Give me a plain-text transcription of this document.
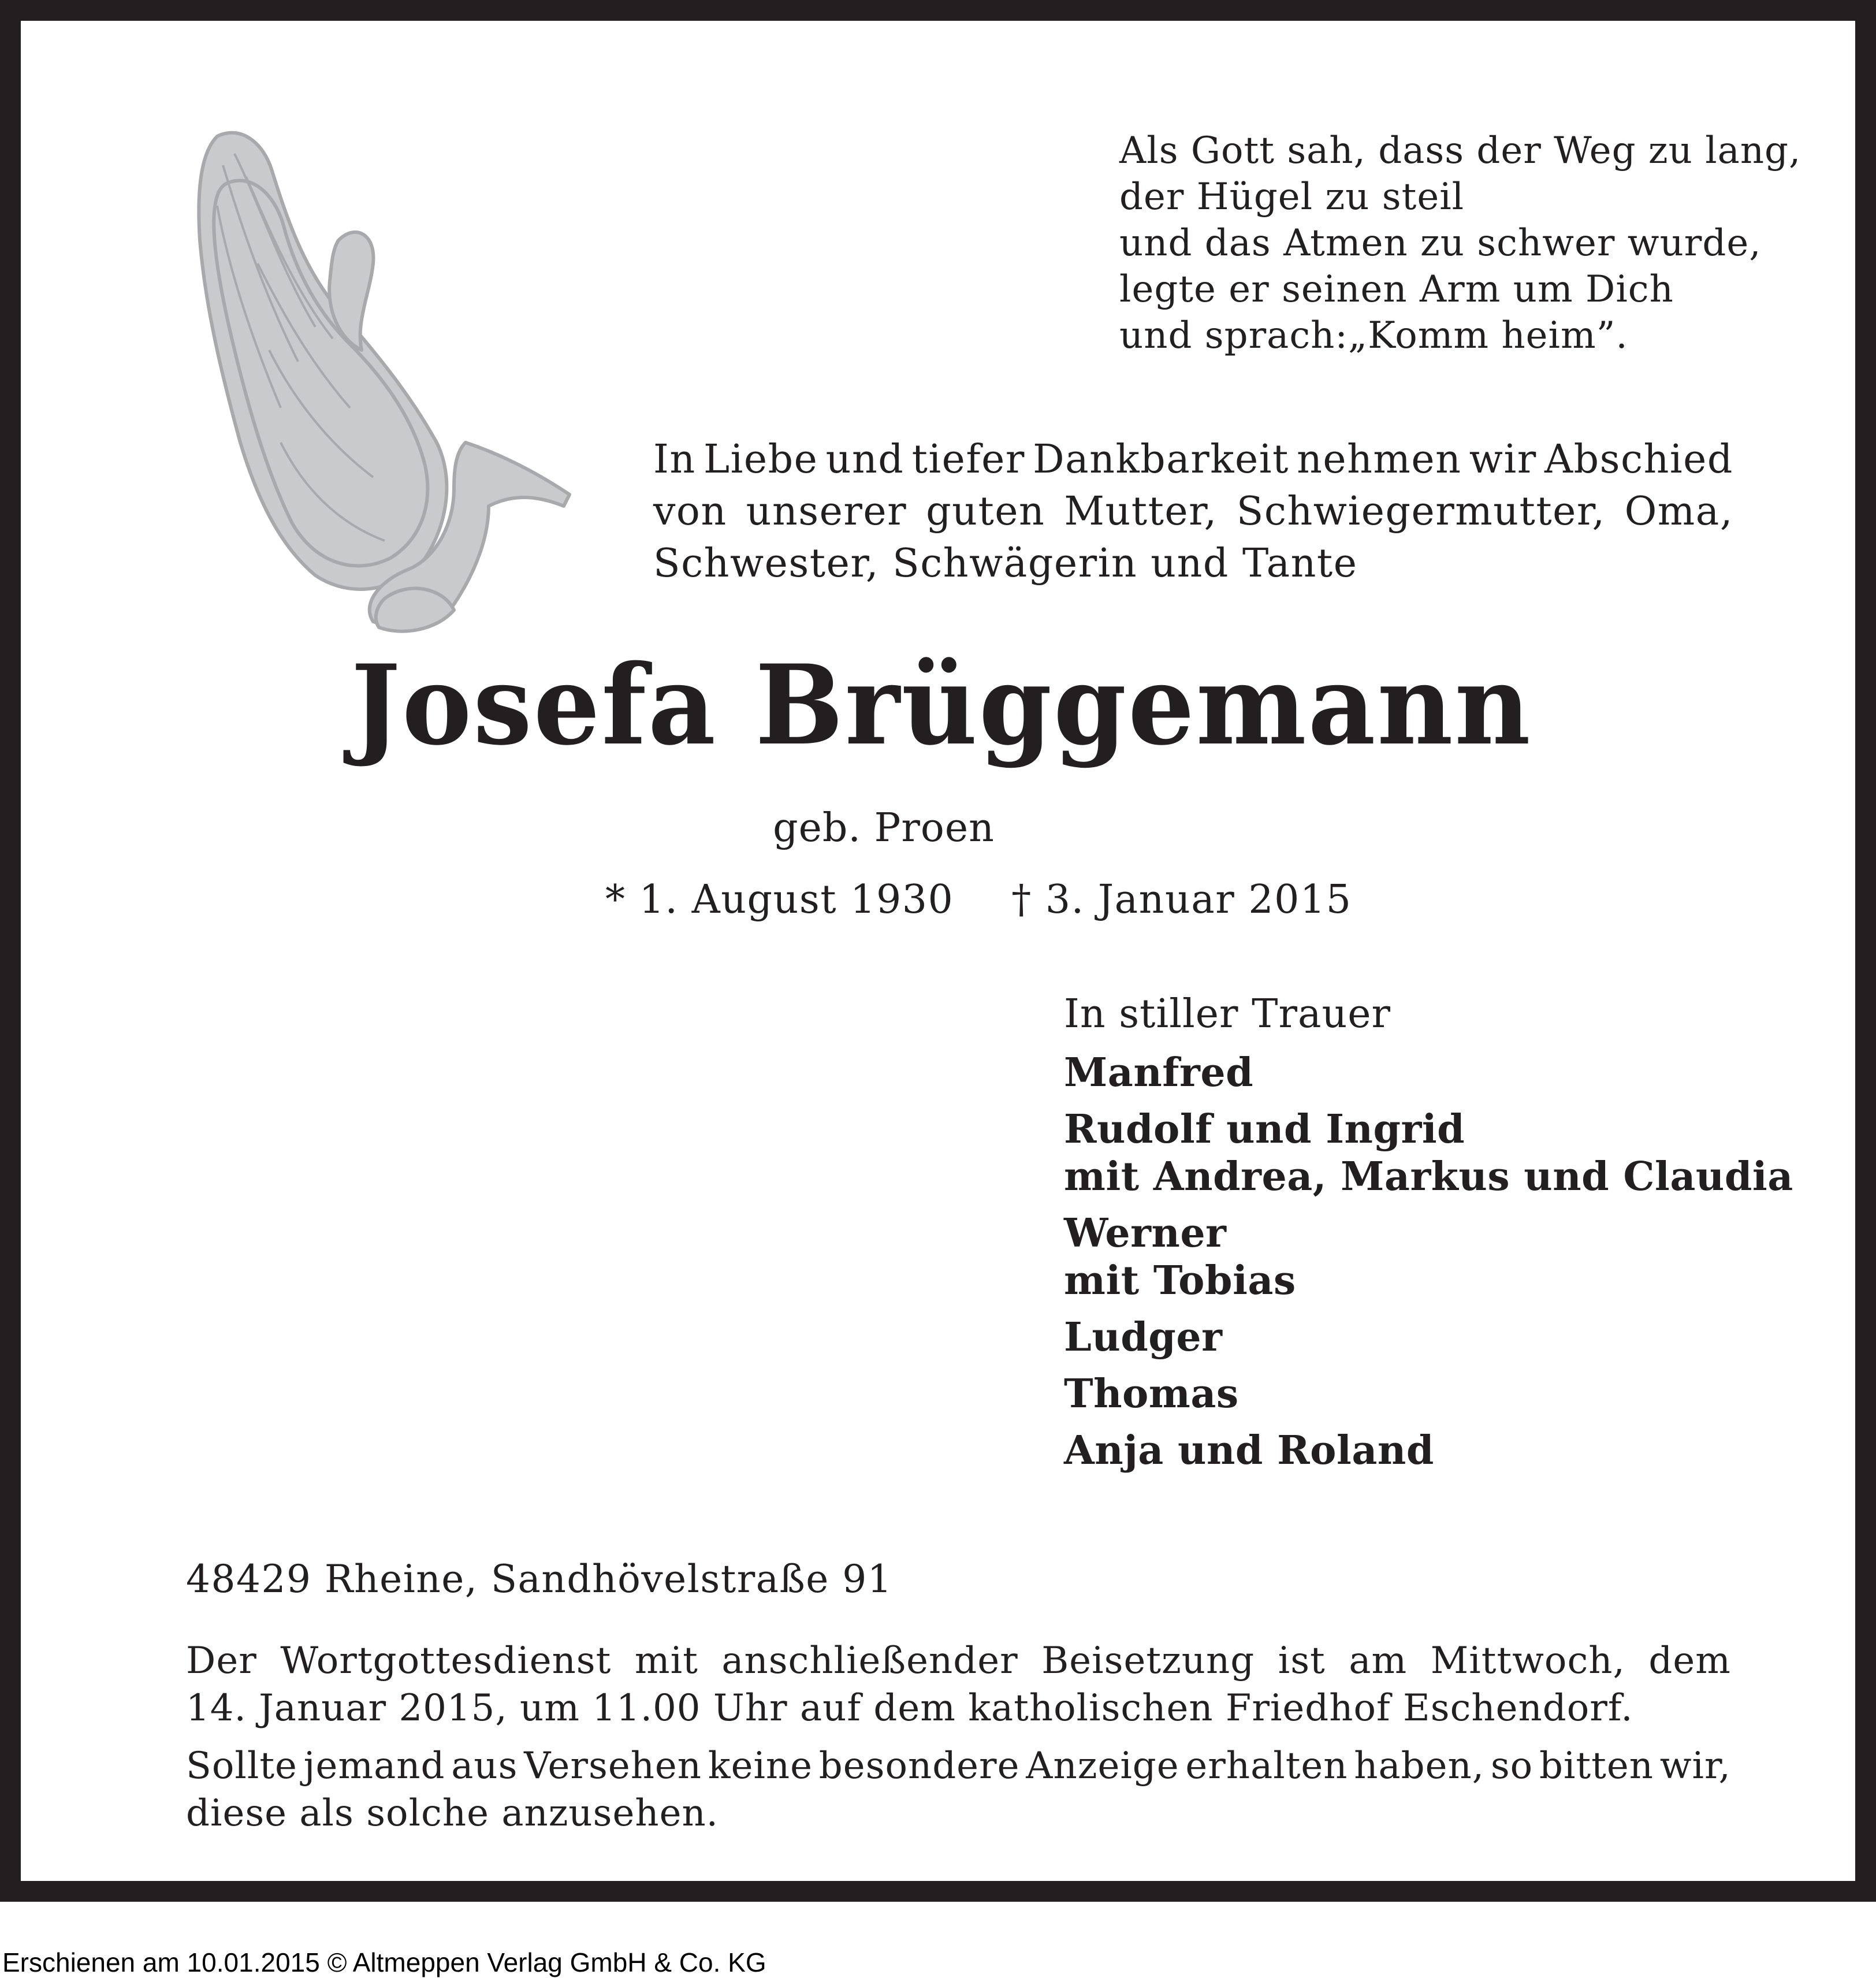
Als Gott sah, dass der Weg zu lang,
der Hügel zu steil
und das Atmen zu schwer wurde,
legte er seinen Arm um Dich
und sprach:„Komm heim”.
In Liebe und tiefer Dankbarkeit nehmen wir Abschied
von unserer guten Mutter, Schwiegermutter, Oma,
Schwester, Schwägerin und Tante
Josefa Brüggemann
geb. Proen
* 1. August 1930 † 3. Januar 2015
In stiller Trauer
Manfred
Rudolf und Ingrid
mit Andrea, Markus und Claudia
Werner
mit Tobias
Ludger
Thomas
Anja und Roland
48429 Rheine, Sandhövelstraße 91
Der Wortgottesdienst mit anschließender Beisetzung ist am Mittwoch, dem
14. Januar 2015, um 11.00 Uhr auf dem katholischen Friedhof Eschendorf.
Sollte jemand aus Versehen keine besondere Anzeige erhalten haben, so bitten wir,
diese als solche anzusehen.
Erschienen am 10.01.2015 © Altmeppen Verlag GmbH & Co. KG
